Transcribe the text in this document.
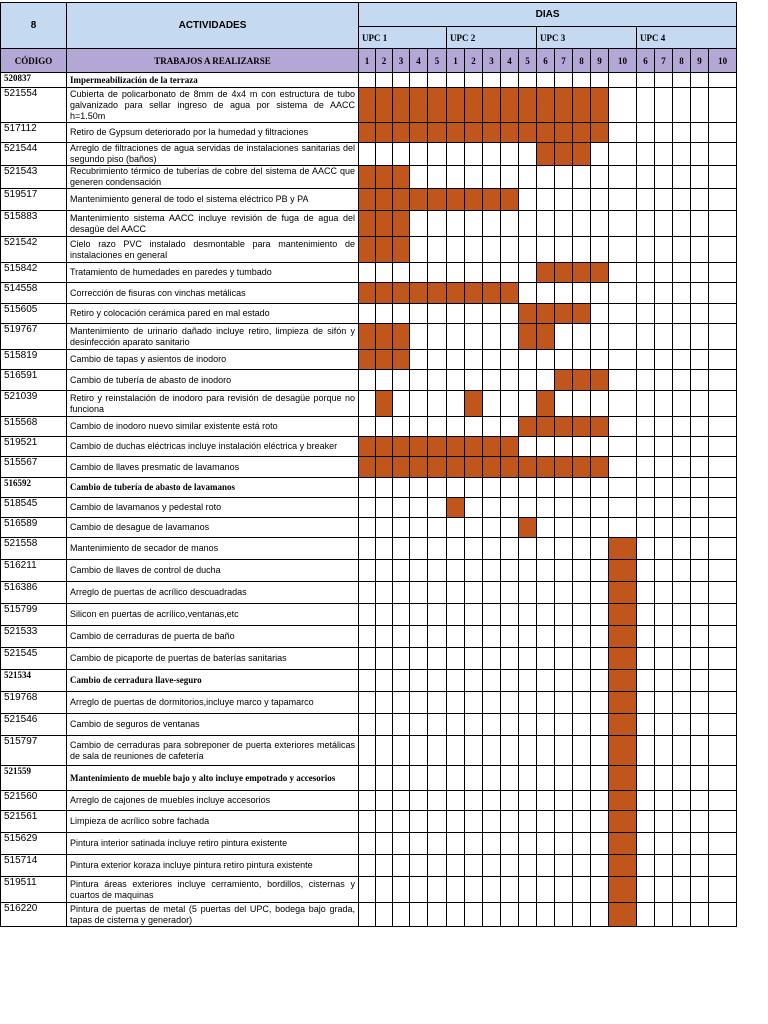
8	ACTIVIDADES	DIAS																			
		UPC 1					UPC 2					UPC 3					UPC 4				
CÓDIGO	TRABAJOS A REALIZARSE	1	2	3	4	5	1	2	3	4	5	6	7	8	9	10	6	7	8	9	10
520837	Impermeabilización de la terraza																				
521554	Cubierta de policarbonato de 8mm de 4x4 m con estructura de tubo galvanizado para sellar ingreso de agua por sistema de AACC h=1.50m																				
517112	Retiro de Gypsum deteriorado por la humedad y filtraciones																				
521544	Arreglo de filtraciones de agua servidas de instalaciones sanitarias del segundo piso (baños)																				
521543	Recubrimiento térmico de tuberías de cobre del sistema de AACC que generen condensación																				
519517	Mantenimiento general de todo el sistema eléctrico PB y PA																				
515883	Mantenimiento sistema AACC incluye revisión de fuga de agua del desagüe del AACC																				
521542	Cielo razo PVC instalado desmontable para mantenimiento de instalaciones en general																				
515842	Tratamiento de humedades en paredes y tumbado																				
514558	Corrección de fisuras con vinchas metálicas																				
515605	Retiro y colocación cerámica pared en mal estado																				
519767	Mantenimiento de urinario dañado incluye retiro, limpieza de sifón y desinfección aparato sanitario																				
515819	Cambio de tapas y asientos de inodoro																				
516591	Cambio de tubería de abasto de inodoro																				
521039	Retiro y reinstalación de inodoro para revisión de desagüe porque no funciona																				
515568	Cambio de inodoro nuevo similar existente está roto																				
519521	Cambio de duchas eléctricas incluye instalación eléctrica y breaker																				
515567	Cambio de llaves presmatic de lavamanos																				
516592	Cambio de tubería de abasto de lavamanos																				
518545	Cambio de lavamanos y pedestal roto																				
516589	Cambio de desague de lavamanos																				
521558	Mantenimiento de secador de manos																				
516211	Cambio de llaves de control de ducha																				
516386	Arreglo de puertas de acrílico descuadradas																				
515799	Silicon en puertas de acrílico,ventanas,etc																				
521533	Cambio de cerraduras de puerta de baño																				
521545	Cambio de picaporte de puertas de baterías sanitarias																				
521534	Cambio de cerradura llave-seguro																				
519768	Arreglo de puertas de dormitorios,incluye marco y tapamarco																				
521546	Cambio de seguros de ventanas																				
515797	Cambio de cerraduras para sobreponer de puerta exteriores metálicas de sala de reuniones de cafetería																				
521559	Mantenimiento de mueble bajo y alto incluye empotrado y accesorios																				
521560	Arreglo de cajones de muebles incluye accesorios																				
521561	Limpieza de acrílico sobre fachada																				
515629	Pintura interior satinada incluye retiro pintura existente																				
515714	Pintura exterior koraza incluye pintura retiro pintura existente																				
519511	Pintura áreas exteriores incluye cerramiento, bordillos, cisternas y cuartos de maquinas																				
516220	Pintura de puertas de metal (5 puertas del UPC, bodega bajo grada, tapas de cisterna y generador)																				
